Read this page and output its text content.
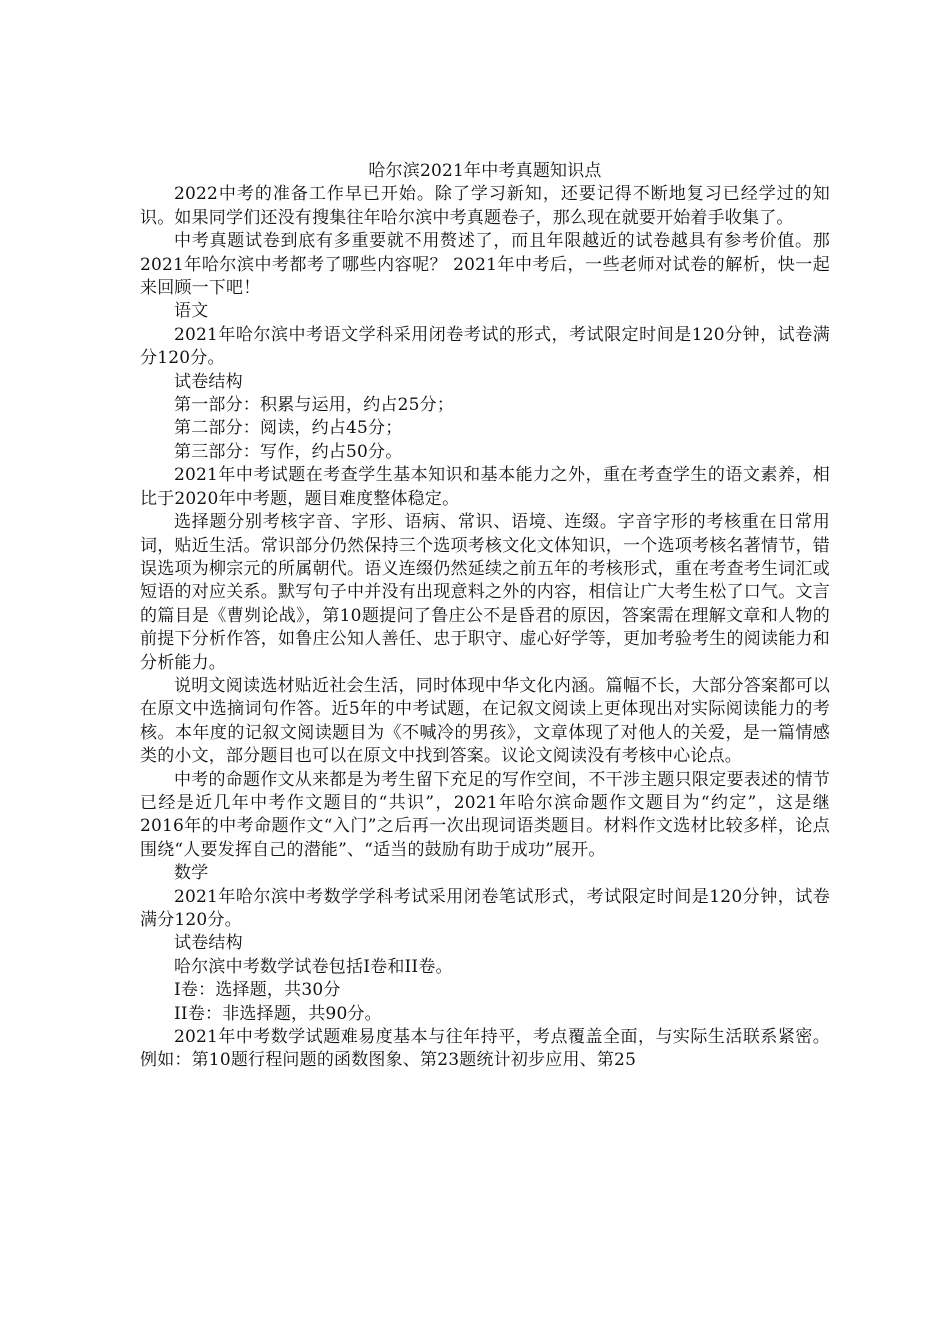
哈尔滨2021年中考真题知识点

2022中考的准备工作早已开始。除了学习新知，还要记得不断地复习已经学过的知识。如果同学们还没有搜集往年哈尔滨中考真题卷子，那么现在就要开始着手收集了。

中考真题试卷到底有多重要就不用赘述了，而且年限越近的试卷越具有参考价值。那2021年哈尔滨中考都考了哪些内容呢？ 2021年中考后，一些老师对试卷的解析，快一起来回顾一下吧！

语文

2021年哈尔滨中考语文学科采用闭卷考试的形式，考试限定时间是120分钟，试卷满分120分。

试卷结构

第一部分：积累与运用，约占25分；

第二部分：阅读，约占45分；

第三部分：写作，约占50分。

2021年中考试题在考查学生基本知识和基本能力之外，重在考查学生的语文素养，相比于2020年中考题，题目难度整体稳定。

选择题分别考核字音、字形、语病、常识、语境、连缀。字音字形的考核重在日常用词，贴近生活。常识部分仍然保持三个选项考核文化文体知识，一个选项考核名著情节，错误选项为柳宗元的所属朝代。语义连缀仍然延续之前五年的考核形式，重在考查考生词汇或短语的对应关系。默写句子中并没有出现意料之外的内容，相信让广大考生松了口气。文言的篇目是《曹刿论战》，第10题提问了鲁庄公不是昏君的原因，答案需在理解文章和人物的前提下分析作答，如鲁庄公知人善任、忠于职守、虚心好学等，更加考验考生的阅读能力和分析能力。

说明文阅读选材贴近社会生活，同时体现中华文化内涵。篇幅不长，大部分答案都可以在原文中选摘词句作答。近5年的中考试题，在记叙文阅读上更体现出对实际阅读能力的考核。本年度的记叙文阅读题目为《不喊冷的男孩》，文章体现了对他人的关爱，是一篇情感类的小文，部分题目也可以在原文中找到答案。议论文阅读没有考核中心论点。

中考的命题作文从来都是为考生留下充足的写作空间，不干涉主题只限定要表述的情节已经是近几年中考作文题目的“共识”，2021年哈尔滨命题作文题目为“约定”，这是继2016年的中考命题作文“入门”之后再一次出现词语类题目。材料作文选材比较多样，论点围绕“人要发挥自己的潜能”、“适当的鼓励有助于成功”展开。

数学

2021年哈尔滨中考数学学科考试采用闭卷笔试形式，考试限定时间是120分钟，试卷满分120分。

试卷结构

哈尔滨中考数学试卷包括I卷和II卷。

I卷：选择题，共30分

II卷：非选择题，共90分。

2021年中考数学试题难易度基本与往年持平，考点覆盖全面，与实际生活联系紧密。例如：第10题行程问题的函数图象、第23题统计初步应用、第25
